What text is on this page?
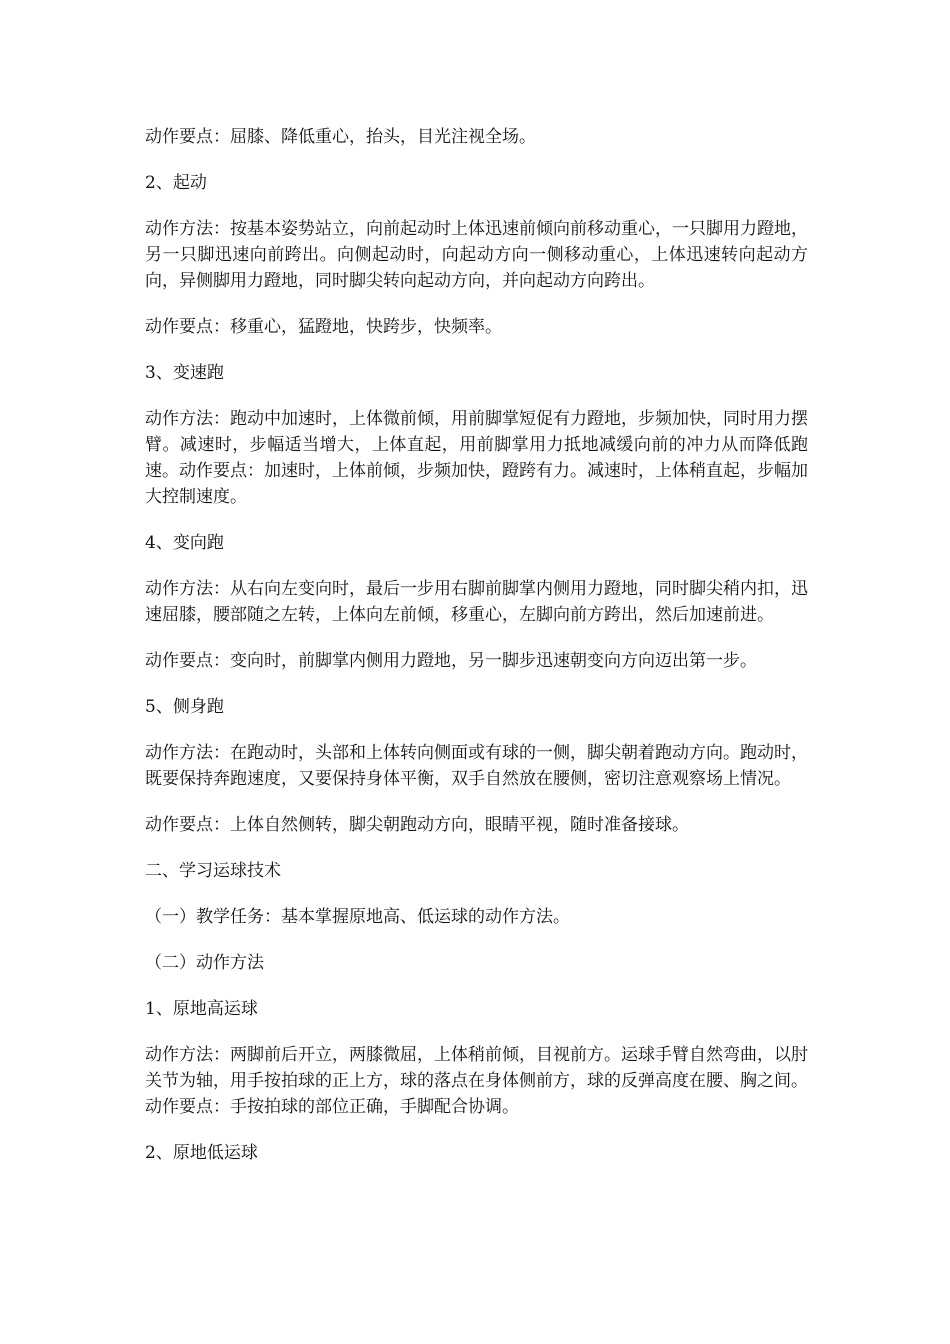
动作要点：屈膝、降低重心，抬头，目光注视全场。

2、起动

动作方法：按基本姿势站立，向前起动时上体迅速前倾向前移动重心，一只脚用力蹬地，另一只脚迅速向前跨出。向侧起动时，向起动方向一侧移动重心，上体迅速转向起动方向，异侧脚用力蹬地，同时脚尖转向起动方向，并向起动方向跨出。

动作要点：移重心，猛蹬地，快跨步，快频率。

3、变速跑

动作方法：跑动中加速时，上体微前倾，用前脚掌短促有力蹬地，步频加快，同时用力摆臂。减速时，步幅适当增大，上体直起，用前脚掌用力抵地减缓向前的冲力从而降低跑速。动作要点：加速时，上体前倾，步频加快，蹬跨有力。减速时，上体稍直起，步幅加大控制速度。

4、变向跑

动作方法：从右向左变向时，最后一步用右脚前脚掌内侧用力蹬地，同时脚尖稍内扣，迅速屈膝，腰部随之左转，上体向左前倾，移重心，左脚向前方跨出，然后加速前进。

动作要点：变向时，前脚掌内侧用力蹬地，另一脚步迅速朝变向方向迈出第一步。

5、侧身跑

动作方法：在跑动时，头部和上体转向侧面或有球的一侧，脚尖朝着跑动方向。跑动时，既要保持奔跑速度，又要保持身体平衡，双手自然放在腰侧，密切注意观察场上情况。

动作要点：上体自然侧转，脚尖朝跑动方向，眼睛平视，随时准备接球。

二、学习运球技术

（一）教学任务：基本掌握原地高、低运球的动作方法。

（二）动作方法

1、原地高运球

动作方法：两脚前后开立，两膝微屈，上体稍前倾，目视前方。运球手臂自然弯曲，以肘关节为轴，用手按拍球的正上方，球的落点在身体侧前方，球的反弹高度在腰、胸之间。动作要点：手按拍球的部位正确，手脚配合协调。

2、原地低运球
